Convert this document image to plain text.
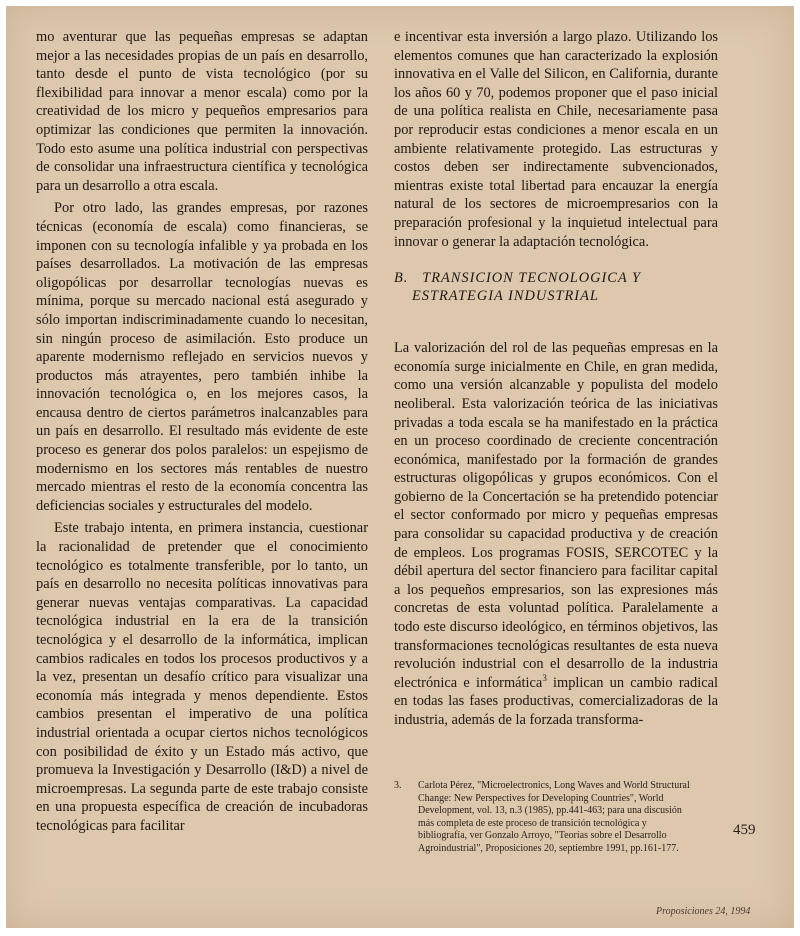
mo aventurar que las pequeñas empresas se adaptan mejor a las necesidades propias de un país en desarrollo, tanto desde el punto de vista tecnológico (por su flexibilidad para innovar a menor escala) como por la creatividad de los micro y pequeños empresarios para optimizar las condiciones que permiten la innovación. Todo esto asume una política industrial con perspectivas de consolidar una infraestructura científica y tecnológica para un desarrollo a otra escala.

Por otro lado, las grandes empresas, por razones técnicas (economía de escala) como financieras, se imponen con su tecnología infalible y ya probada en los países desarrollados. La motivación de las empresas oligopólicas por desarrollar tecnologías nuevas es mínima, porque su mercado nacional está asegurado y sólo importan indiscriminadamente cuando lo necesitan, sin ningún proceso de asimilación. Esto produce un aparente modernismo reflejado en servicios nuevos y productos más atrayentes, pero también inhibe la innovación tecnológica o, en los mejores casos, la encausa dentro de ciertos parámetros inalcanzables para un país en desarrollo. El resultado más evidente de este proceso es generar dos polos paralelos: un espejismo de modernismo en los sectores más rentables de nuestro mercado mientras el resto de la economía concentra las deficiencias sociales y estructurales del modelo.

Este trabajo intenta, en primera instancia, cuestionar la racionalidad de pretender que el conocimiento tecnológico es totalmente transferible, por lo tanto, un país en desarrollo no necesita políticas innovativas para generar nuevas ventajas comparativas. La capacidad tecnológica industrial en la era de la transición tecnológica y el desarrollo de la informática, implican cambios radicales en todos los procesos productivos y a la vez, presentan un desafío crítico para visualizar una economía más integrada y menos dependiente. Estos cambios presentan el imperativo de una política industrial orientada a ocupar ciertos nichos tecnológicos con posibilidad de éxito y un Estado más activo, que promueva la Investigación y Desarrollo (I&D) a nivel de microempresas. La segunda parte de este trabajo consiste en una propuesta específica de creación de incubadoras tecnológicas para facilitar

e incentivar esta inversión a largo plazo. Utilizando los elementos comunes que han caracterizado la explosión innovativa en el Valle del Silicon, en California, durante los años 60 y 70, podemos proponer que el paso inicial de una política realista en Chile, necesariamente pasa por reproducir estas condiciones a menor escala en un ambiente relativamente protegido. Las estructuras y costos deben ser indirectamente subvencionados, mientras existe total libertad para encauzar la energía natural de los sectores de microempresarios con la preparación profesional y la inquietud intelectual para innovar o generar la adaptación tecnológica.

B. TRANSICION TECNOLOGICA Y
ESTRATEGIA INDUSTRIAL

La valorización del rol de las pequeñas empresas en la economía surge inicialmente en Chile, en gran medida, como una versión alcanzable y populista del modelo neoliberal. Esta valorización teórica de las iniciativas privadas a toda escala se ha manifestado en la práctica en un proceso coordinado de creciente concentración económica, manifestado por la formación de grandes estructuras oligopólicas y grupos económicos. Con el gobierno de la Concertación se ha pretendido potenciar el sector conformado por micro y pequeñas empresas para consolidar su capacidad productiva y de creación de empleos. Los programas FOSIS, SERCOTEC y la débil apertura del sector financiero para facilitar capital a los pequeños empresarios, son las expresiones más concretas de esta voluntad política. Paralelamente a todo este discurso ideológico, en términos objetivos, las transformaciones tecnológicas resultantes de esta nueva revolución industrial con el desarrollo de la industria electrónica e informática$^3$ implican un cambio radical en todas las fases productivas, comercializadoras de la industria, además de la forzada transforma-

3. Carlota Pérez, "Microelectronics, Long Waves and World Structural Change: New Perspectives for Developing Countries", World Development, vol. 13, n.3 (1985), pp.441-463; para una discusión más completa de este proceso de transición tecnológica y bibliografía, ver Gonzalo Arroyo, "Teorías sobre el Desarrollo Agroindustrial", Proposiciones 20, septiembre 1991, pp.161-177.
459
Proposiciones 24, 1994
